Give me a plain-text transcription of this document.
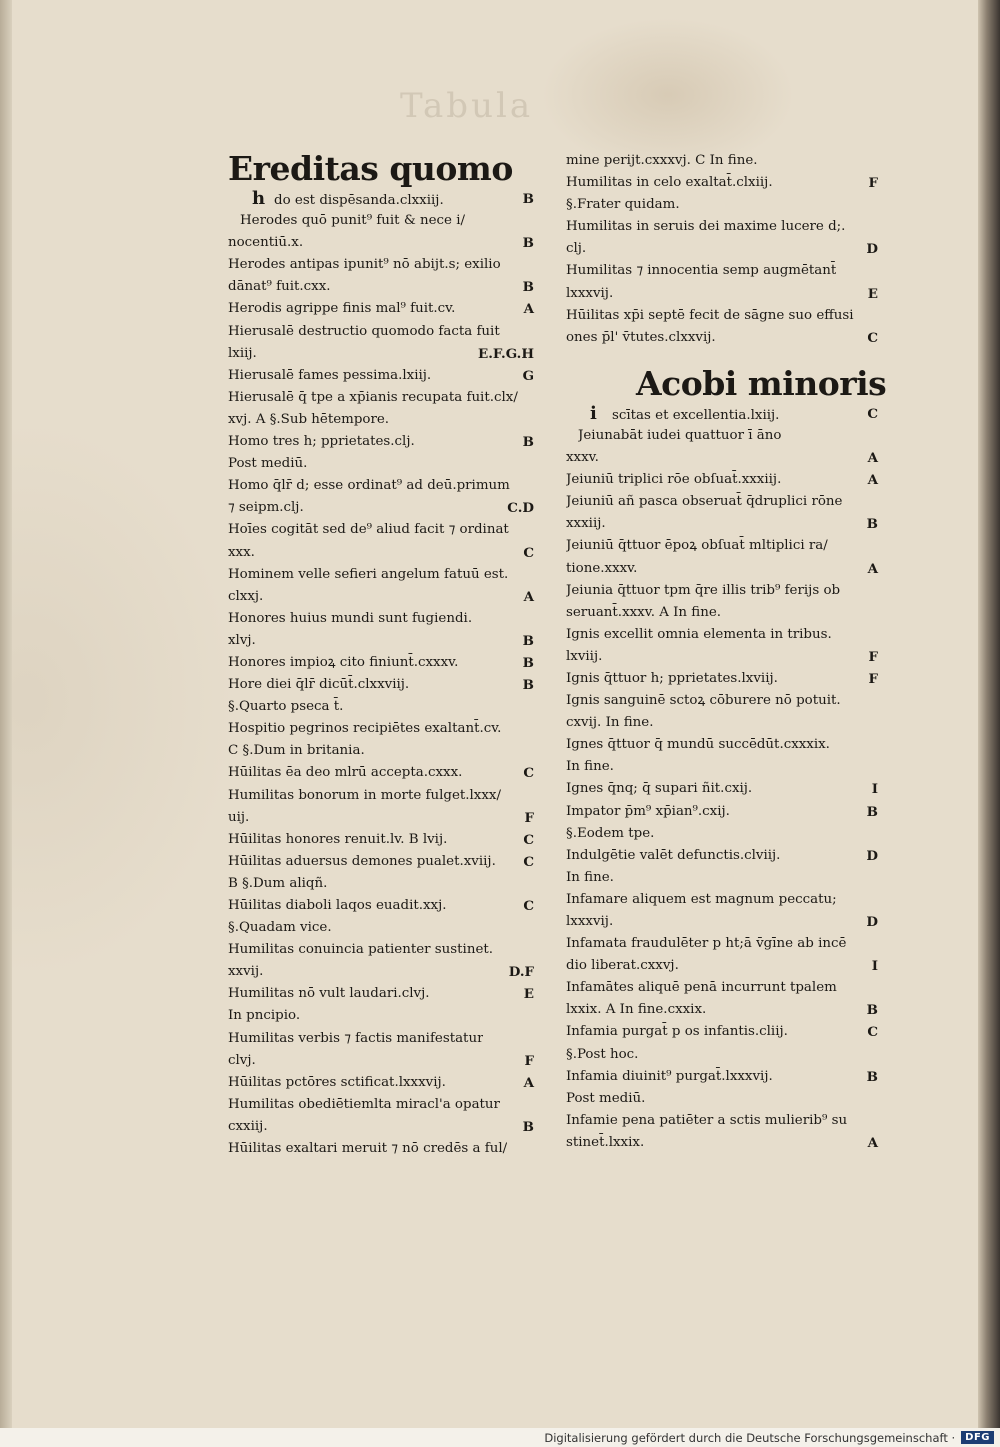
Tabula
Ereditas quomo
h do est dispēsanda.clxxiij.	B
Herodes quō punit⁹ fuit & nece i/
nocentiū.x.	B
Herodes antipas ipunit⁹ nō abijt.s; exilio
dānat⁹ fuit.cxx.	B
Herodis agrippe finis mal⁹ fuit.cv.	A
Hierusalē destructio quomodo facta fuit
lxiij.	E.F.G.H
Hierusalē fames pessima.lxiij.	G
Hierusalē q̄ tpe a xp̄ianis recupata fuit.clx/
xvj. A §.Sub hētempore.
Homo tres h; pprietates.clj.	B
Post mediū.
Homo q̄lr̄ d; esse ordinat⁹ ad deū.primum
⁊ seipm.clj.	C.D
Hoīes cogitāt sed de⁹ aliud facit ⁊ ordinat
xxx.	C
Hominem velle sefieri angelum fatuū est.
clxxj.	A
Honores huius mundi sunt fugiendi.
xlvj.	B
Honores impioꝝ cito finiunt̄.cxxxv.	B
Hore diei q̄lr̄ dicūt̄.clxxviij.	B
§.Quarto pseca t̄.
Hospitio pegrinos recipiētes exaltant̄.cv.
C §.Dum in britania.
Hūilitas ēa deo mlrū accepta.cxxx.	C
Humilitas bonorum in morte fulget.lxxx/
uij.	F
Hūilitas honores renuit.lv. B lvij.	C
Hūilitas aduersus demones pualet.xviij. C
B §.Dum aliqñ.
Hūilitas diaboli laqos euadit.xxj.	C
§.Quadam vice.
Humilitas conuincia patienter sustinet.
xxvij.	D.F
Humilitas nō vult laudari.clvj.	E
In pncipio.
Humilitas verbis ⁊ factis manifestatur
clvj.	F
Hūilitas pctōres sctificat.lxxxvij.	A
Humilitas obediētiemlta miracl'a opatur
cxxiij.	B
Hūilitas exaltari meruit ⁊ nō credēs a ful/
mine perijt.cxxxvj. C In fine.
Humilitas in celo exaltat̄.clxiij.	F
§.Frater quidam.
Humilitas in seruis dei maxime lucere d;.
clj.	D
Humilitas ⁊ innocentia semp augmētant̄
lxxxvij.	E
Hūilitas xp̄i septē fecit de sāgne suo effusi
ones p̄l' v̄tutes.clxxvij.	C
Acobi minoris
i scītas et excellentia.lxiij.	C
Jeiunabāt iudei quattuor ī āno
xxxv.	A
Jeiuniū triplici rōe obſuat̄.xxxiij.	A
Jeiuniū añ pasca obseruat̄ q̄druplici rōne
xxxiij.	B
Jeiuniū q̄ttuor ēpoꝝ obſuat̄ mltiplici ra/
tione.xxxv.	A
Jeiunia q̄ttuor tpm q̄re illis trib⁹ ferijs ob
seruant̄.xxxv. A In fine.
Ignis excellit omnia elementa in tribus.
lxviij.	F
Ignis q̄ttuor h; pprietates.lxviij.	F
Ignis sanguinē sctoꝝ cōburere nō potuit.
cxvij. In fine.
Ignes q̄ttuor q̄ mundū succēdūt.cxxxix.
In fine.
Ignes q̄nq; q̄ supari ñit.cxij.	I
Impator p̄m⁹ xp̄ian⁹.cxij.	B
§.Eodem tpe.
Indulgētie valēt defunctis.clviij.	D
In fine.
Infamare aliquem est magnum peccatu;
lxxxvij.	D
Infamata fraudulēter p ht;ā v̄gīne ab incē
dio liberat.cxxvj.	I
Infamātes aliquē penā incurrunt tpalem
lxxix. A In fine.cxxix.	B
Infamia purgat̄ p os infantis.cliij.	C
§.Post hoc.
Infamia diuinit⁹ purgat̄.lxxxvij.	B
Post mediū.
Infamie pena patiēter a sctis mulierib⁹ su
stinet̄.lxxix.	A
Digitalisierung gefördert durch die Deutsche Forschungsgemeinschaft ·	DFG
